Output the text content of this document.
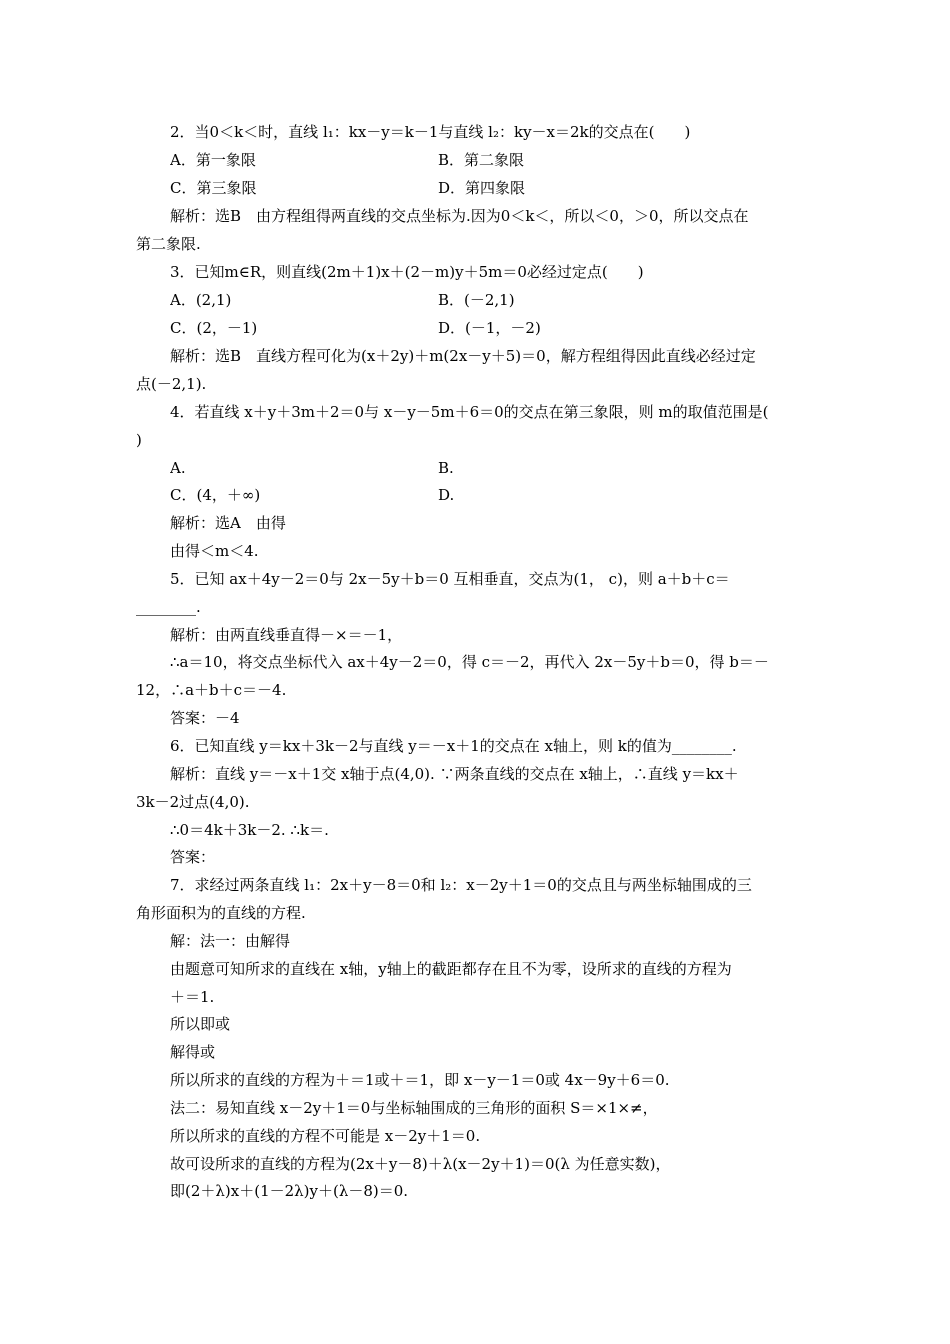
2．当0＜k＜时，直线 l₁：kx－y＝k－1与直线 l₂：ky－x＝2k的交点在(　　)
A．第一象限	B．第二象限
C．第三象限	D．第四象限
解析：选B　由方程组得两直线的交点坐标为.因为0＜k＜，所以＜0，＞0，所以交点在
第二象限.
3．已知m∈R，则直线(2m＋1)x＋(2－m)y＋5m＝0必经过定点(　　)
A．(2,1)	B．(－2,1)
C．(2，－1)	D．(－1，－2)
解析：选B　直线方程可化为(x＋2y)＋m(2x－y＋5)＝0，解方程组得因此直线必经过定
点(－2,1).
4．若直线 x＋y＋3m＋2＝0与 x－y－5m＋6＝0的交点在第三象限，则 m的取值范围是(
)
A.	B.
C．(4，＋∞)	D.
解析：选A　由得
由得＜m＜4.
5．已知 ax＋4y－2＝0与 2x－5y＋b＝0 互相垂直，交点为(1， c)，则 a＋b＋c＝
________.
解析：由两直线垂直得－×＝－1，
∴a＝10，将交点坐标代入 ax＋4y－2＝0，得 c＝－2，再代入 2x－5y＋b＝0，得 b＝－
12，∴a＋b＋c＝－4.
答案：－4
6．已知直线 y＝kx＋3k－2与直线 y＝－x＋1的交点在 x轴上，则 k的值为________.
解析：直线 y＝－x＋1交 x轴于点(4,0). ∵两条直线的交点在 x轴上，∴直线 y＝kx＋
3k－2过点(4,0).
∴0＝4k＋3k－2. ∴k＝.
答案：
7．求经过两条直线 l₁：2x＋y－8＝0和 l₂：x－2y＋1＝0的交点且与两坐标轴围成的三
角形面积为的直线的方程.
解：法一：由解得
由题意可知所求的直线在 x轴，y轴上的截距都存在且不为零，设所求的直线的方程为
＋＝1.
所以即或
解得或
所以所求的直线的方程为＋＝1或＋＝1，即 x－y－1＝0或 4x－9y＋6＝0.
法二：易知直线 x－2y＋1＝0与坐标轴围成的三角形的面积 S＝×1×≠，
所以所求的直线的方程不可能是 x－2y＋1＝0.
故可设所求的直线的方程为(2x＋y－8)＋λ(x－2y＋1)＝0(λ 为任意实数)，
即(2＋λ)x＋(1－2λ)y＋(λ－8)＝0.
